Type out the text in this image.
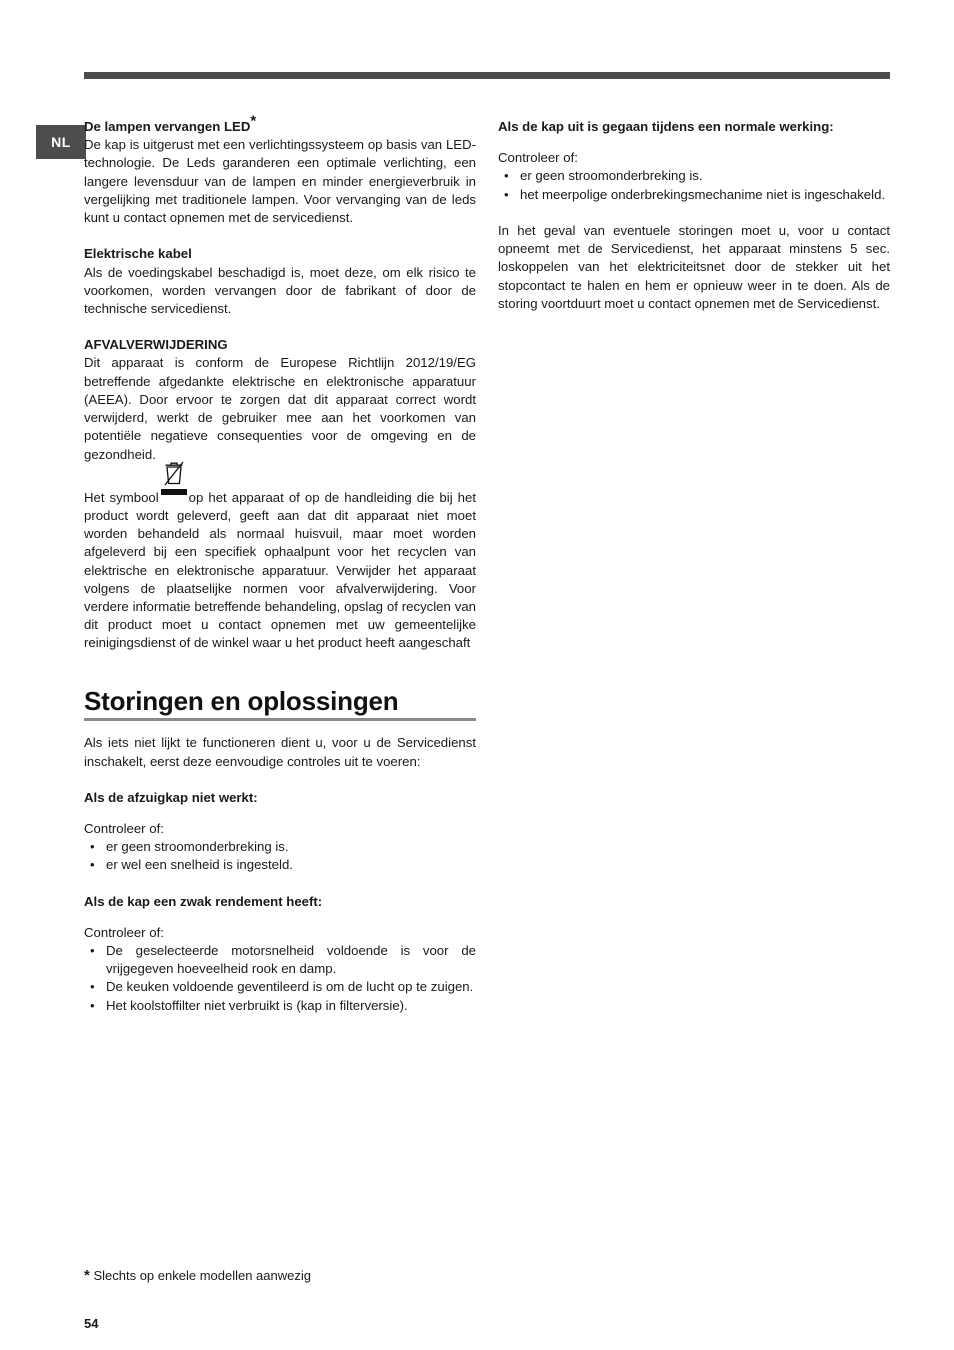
NL
De lampen vervangen LED*

De kap is uitgerust met een verlichtingssysteem op basis van LED-technologie. De Leds garanderen een optimale verlichting, een langere levensduur van de lampen en minder energieverbruik in vergelijking met traditionele lampen. Voor vervanging van de leds kunt u contact opnemen met de servicedienst.

Elektrische kabel

Als de voedingskabel beschadigd is, moet deze, om elk risico te voorkomen, worden vervangen door de fabrikant of door de technische servicedienst.

AFVALVERWIJDERING

Dit apparaat is conform de Europese Richtlijn 2012/19/EG betreffende afgedankte elektrische en elektronische apparatuur (AEEA). Door ervoor te zorgen dat dit apparaat correct wordt verwijderd, werkt de gebruiker mee aan het voorkomen van potentiële negatieve consequenties voor de omgeving en de gezondheid.

Het symbool op het apparaat of op de handleiding die bij het product wordt geleverd, geeft aan dat dit apparaat niet moet worden behandeld als normaal huisvuil, maar moet worden afgeleverd bij een specifiek ophaalpunt voor het recyclen van elektrische en elektronische apparatuur. Verwijder het apparaat volgens de plaatselijke normen voor afvalverwijdering. Voor verdere informatie betreffende behandeling, opslag of recyclen van dit product moet u contact opnemen met uw gemeentelijke reinigingsdienst of de winkel waar u het product heeft aangeschaft

Storingen en oplossingen

Als iets niet lijkt te functioneren dient u, voor u de Servicedienst inschakelt, eerst deze eenvoudige controles uit te voeren:

Als de afzuigkap niet werkt:

Controleer of:

• er geen stroomonderbreking is.
• er wel een snelheid is ingesteld.
Als de kap een zwak rendement heeft:

Controleer of:

• De geselecteerde motorsnelheid voldoende is voor de vrijgegeven hoeveelheid rook en damp.
• De keuken voldoende geventileerd is om de lucht op te zuigen.
• Het koolstoffilter niet verbruikt is (kap in filterversie).
Als de kap uit is gegaan tijdens een normale werking:

Controleer of:

• er geen stroomonderbreking is.
• het meerpolige onderbrekingsmechanime niet is ingeschakeld.

In het geval van eventuele storingen moet u, voor u contact opneemt met de Servicedienst, het apparaat minstens 5 sec. loskoppelen van het elektriciteitsnet door de stekker uit het stopcontact te halen en hem er opnieuw weer in te doen. Als de storing voortduurt moet u contact opnemen met de Servicedienst.

* Slechts op enkele modellen aanwezig
54
